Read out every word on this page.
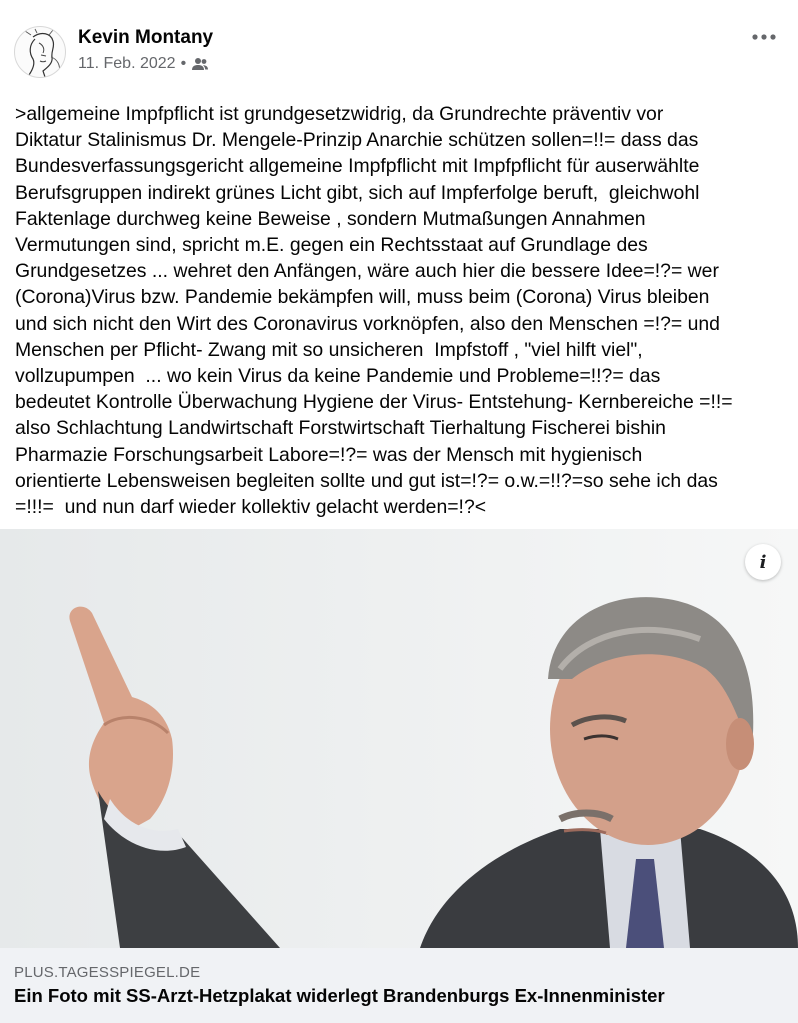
Kevin Montany
11. Feb. 2022 •

>allgemeine Impfpflicht ist grundgesetzwidrig, da Grundrechte präventiv vor
Diktatur Stalinismus Dr. Mengele-Prinzip Anarchie schützen sollen=!!= dass das
Bundesverfassungsgericht allgemeine Impfpflicht mit Impfpflicht für auserwählte
Berufsgruppen indirekt grünes Licht gibt, sich auf Impferfolge beruft,  gleichwohl
Faktenlage durchweg keine Beweise , sondern Mutmaßungen Annahmen
Vermutungen sind, spricht m.E. gegen ein Rechtsstaat auf Grundlage des
Grundgesetzes ... wehret den Anfängen, wäre auch hier die bessere Idee=!?= wer
(Corona)Virus bzw. Pandemie bekämpfen will, muss beim (Corona) Virus bleiben
und sich nicht den Wirt des Coronavirus vorknöpfen, also den Menschen =!?= und
Menschen per Pflicht- Zwang mit so unsicheren  Impfstoff , "viel hilft viel",
vollzupumpen  ... wo kein Virus da keine Pandemie und Probleme=!!?= das
bedeutet Kontrolle Überwachung Hygiene der Virus- Entstehung- Kernbereiche =!!=
also Schlachtung Landwirtschaft Forstwirtschaft Tierhaltung Fischerei bishin
Pharmazie Forschungsarbeit Labore=!?= was der Mensch mit hygienisch
orientierte Lebensweisen begleiten sollte und gut ist=!?= o.w.=!!?=so sehe ich das
=!!!=  und nun darf wieder kollektiv gelacht werden=!?<

i
PLUS.TAGESSPIEGEL.DE
Ein Foto mit SS-Arzt-Hetzplakat widerlegt Brandenburgs Ex-Innenminister
